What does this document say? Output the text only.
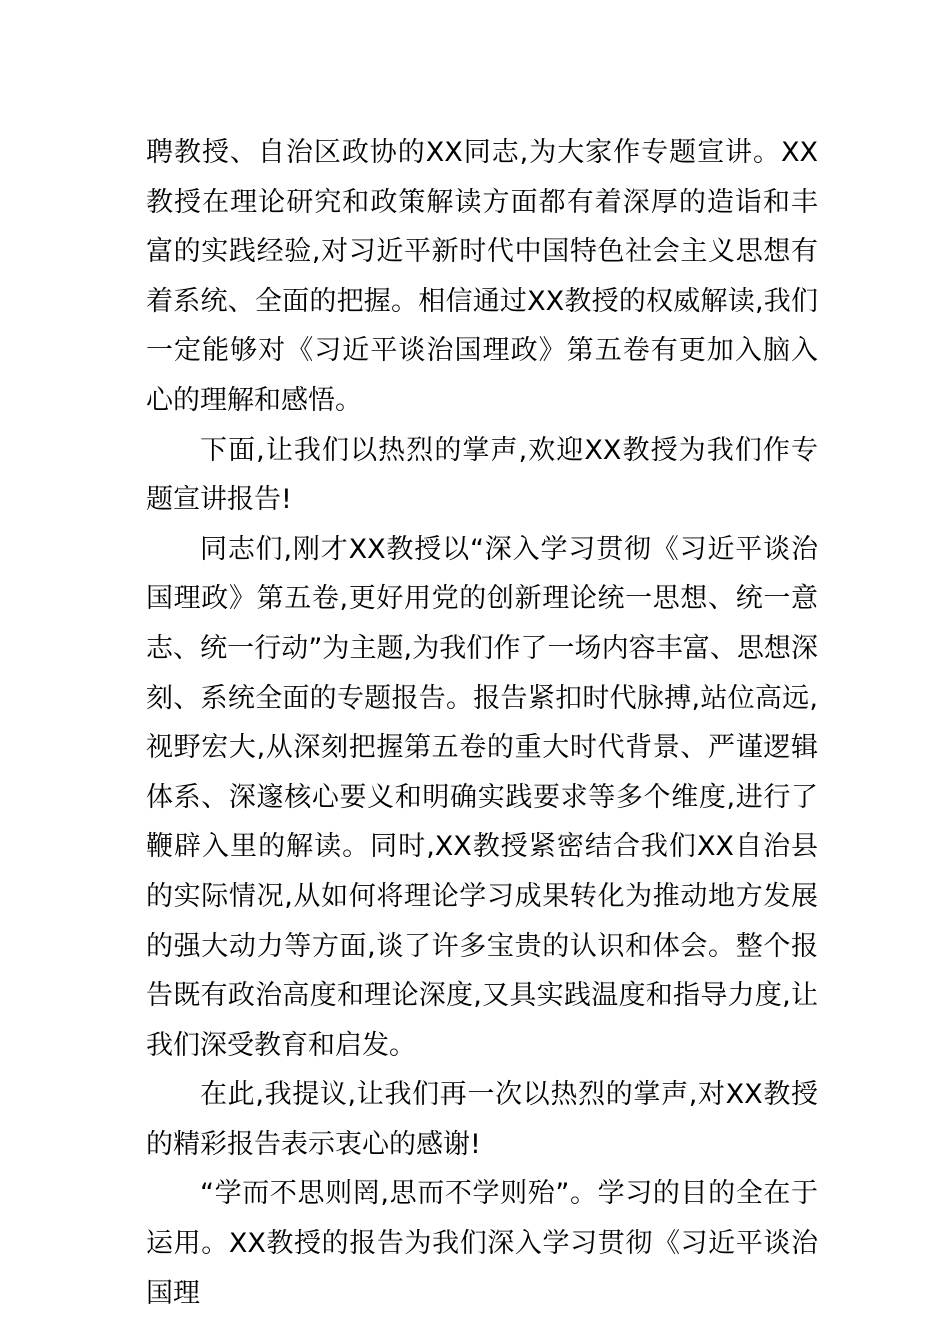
聘教授、自治区政协的XX同志,为大家作专题宣讲。XX教授在理论研究和政策解读方面都有着深厚的造诣和丰富的实践经验,对习近平新时代中国特色社会主义思想有着系统、全面的把握。相信通过XX教授的权威解读,我们一定能够对《习近平谈治国理政》第五卷有更加入脑入心的理解和感悟。

下面,让我们以热烈的掌声,欢迎XX教授为我们作专题宣讲报告!

同志们,刚才XX教授以“深入学习贯彻《习近平谈治国理政》第五卷,更好用党的创新理论统一思想、统一意志、统一行动”为主题,为我们作了一场内容丰富、思想深刻、系统全面的专题报告。报告紧扣时代脉搏,站位高远,视野宏大,从深刻把握第五卷的重大时代背景、严谨逻辑体系、深邃核心要义和明确实践要求等多个维度,进行了鞭辟入里的解读。同时,XX教授紧密结合我们XX自治县的实际情况,从如何将理论学习成果转化为推动地方发展的强大动力等方面,谈了许多宝贵的认识和体会。整个报告既有政治高度和理论深度,又具实践温度和指导力度,让我们深受教育和启发。

在此,我提议,让我们再一次以热烈的掌声,对XX教授的精彩报告表示衷心的感谢!

“学而不思则罔,思而不学则殆”。学习的目的全在于运用。XX教授的报告为我们深入学习贯彻《习近平谈治国理
